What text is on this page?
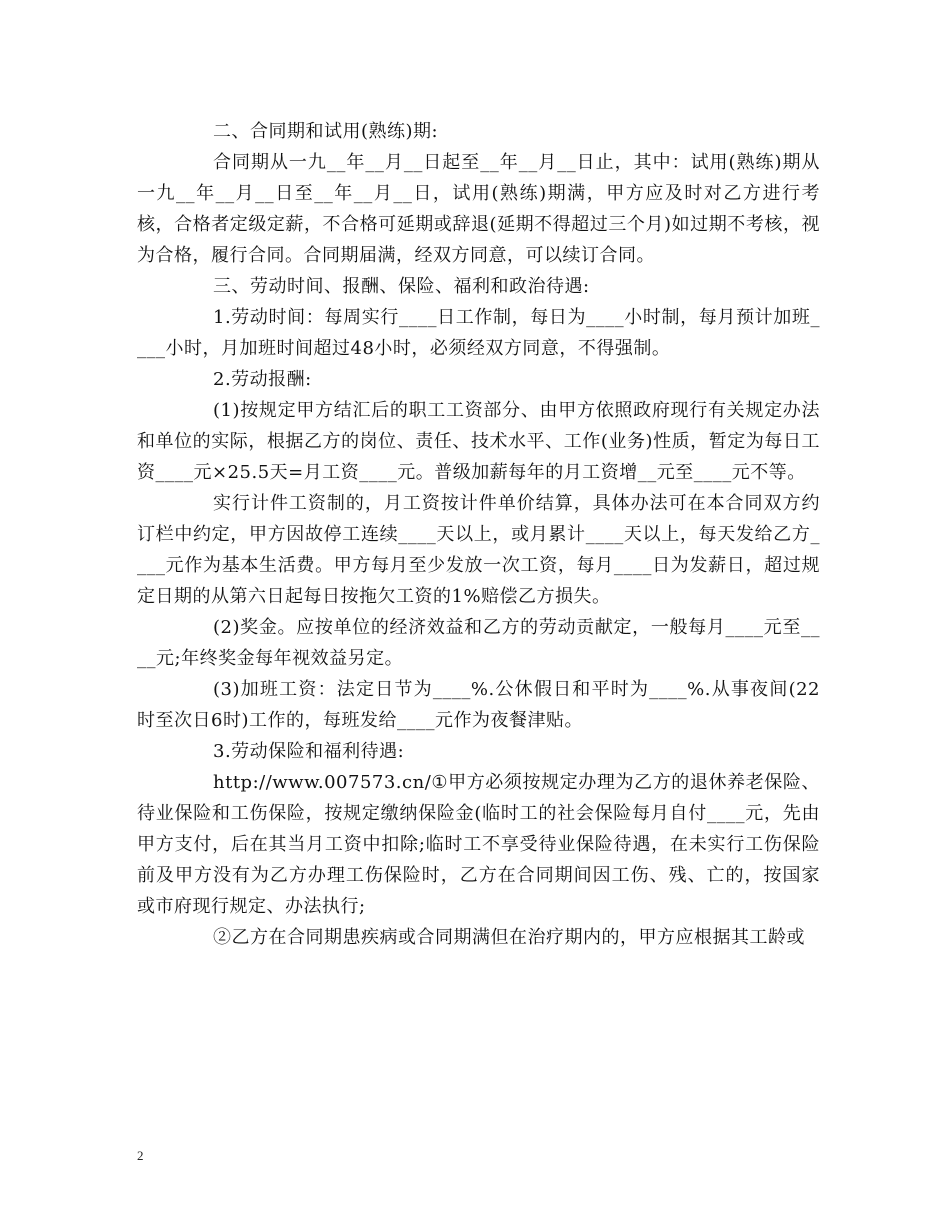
二、合同期和试用(熟练)期:

合同期从一九__年__月__日起至__年__月__日止，其中：试用(熟练)期从一九__年__月__日至__年__月__日，试用(熟练)期满，甲方应及时对乙方进行考核，合格者定级定薪，不合格可延期或辞退(延期不得超过三个月)如过期不考核，视为合格，履行合同。合同期届满，经双方同意，可以续订合同。

三、劳动时间、报酬、保险、福利和政治待遇:

1.劳动时间：每周实行____日工作制，每日为____小时制，每月预计加班____小时，月加班时间超过48小时，必须经双方同意，不得强制。

2.劳动报酬:

(1)按规定甲方结汇后的职工工资部分、由甲方依照政府现行有关规定办法和单位的实际，根据乙方的岗位、责任、技术水平、工作(业务)性质，暂定为每日工资____元×25.5天=月工资____元。普级加薪每年的月工资增__元至____元不等。

实行计件工资制的，月工资按计件单价结算，具体办法可在本合同双方约订栏中约定，甲方因故停工连续____天以上，或月累计____天以上，每天发给乙方____元作为基本生活费。甲方每月至少发放一次工资，每月____日为发薪日，超过规定日期的从第六日起每日按拖欠工资的1%赔偿乙方损失。

(2)奖金。应按单位的经济效益和乙方的劳动贡献定，一般每月____元至____元;年终奖金每年视效益另定。

(3)加班工资：法定日节为____%.公休假日和平时为____%.从事夜间(22时至次日6时)工作的，每班发给____元作为夜餐津贴。

3.劳动保险和福利待遇:

http://www.007573.cn/①甲方必须按规定办理为乙方的退休养老保险、待业保险和工伤保险，按规定缴纳保险金(临时工的社会保险每月自付____元，先由甲方支付，后在其当月工资中扣除;临时工不享受待业保险待遇，在未实行工伤保险前及甲方没有为乙方办理工伤保险时，乙方在合同期间因工伤、残、亡的，按国家或市府现行规定、办法执行;

②乙方在合同期患疾病或合同期满但在治疗期内的，甲方应根据其工龄或

2
